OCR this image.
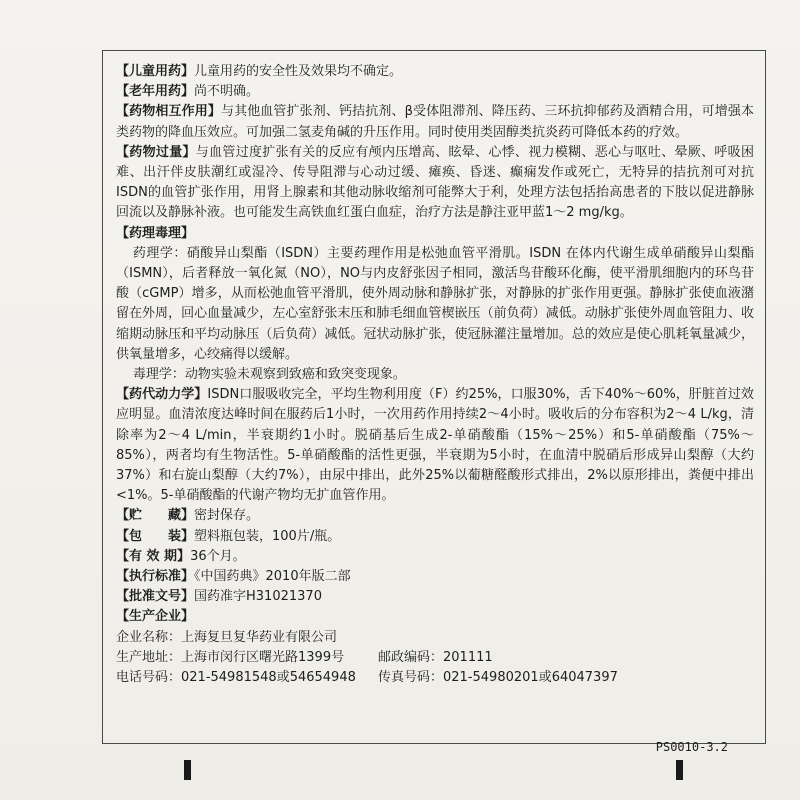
【儿童用药】儿童用药的安全性及效果均不确定。

【老年用药】尚不明确。

【药物相互作用】与其他血管扩张剂、钙拮抗剂、β受体阻滞剂、降压药、三环抗抑郁药及酒精合用，可增强本类药物的降血压效应。可加强二氢麦角碱的升压作用。同时使用类固醇类抗炎药可降低本药的疗效。

【药物过量】与血管过度扩张有关的反应有颅内压增高、眩晕、心悸、视力模糊、恶心与呕吐、晕厥、呼吸困难、出汗伴皮肤潮红或湿冷、传导阻滞与心动过缓、瘫痪、昏迷、癫痫发作或死亡，无特异的拮抗剂可对抗ISDN的血管扩张作用，用肾上腺素和其他动脉收缩剂可能弊大于利，处理方法包括抬高患者的下肢以促进静脉回流以及静脉补液。也可能发生高铁血红蛋白血症，治疗方法是静注亚甲蓝1～2 mg/kg。

【药理毒理】

药理学：硝酸异山梨酯（ISDN）主要药理作用是松弛血管平滑肌。ISDN 在体内代谢生成单硝酸异山梨酯（ISMN），后者释放一氧化氮（NO），NO与内皮舒张因子相同，激活鸟苷酸环化酶，使平滑肌细胞内的环鸟苷酸（cGMP）增多，从而松弛血管平滑肌，使外周动脉和静脉扩张，对静脉的扩张作用更强。静脉扩张使血液潴留在外周，回心血量减少，左心室舒张末压和肺毛细血管楔嵌压（前负荷）减低。动脉扩张使外周血管阻力、收缩期动脉压和平均动脉压（后负荷）减低。冠状动脉扩张，使冠脉灌注量增加。总的效应是使心肌耗氧量减少，供氧量增多，心绞痛得以缓解。

毒理学：动物实验未观察到致癌和致突变现象。

【药代动力学】ISDN口服吸收完全，平均生物利用度（F）约25%，口服30%，舌下40%～60%，肝脏首过效应明显。血清浓度达峰时间在服药后1小时，一次用药作用持续2～4小时。吸收后的分布容积为2～4 L/kg，清除率为2～4 L/min，半衰期约1小时。脱硝基后生成2-单硝酸酯（15%～25%）和5-单硝酸酯（75%～85%），两者均有生物活性。5-单硝酸酯的活性更强，半衰期为5小时，在血清中脱硝后形成异山梨醇（大约37%）和右旋山梨醇（大约7%），由尿中排出，此外25%以葡糖醛酸形式排出，2%以原形排出，粪便中排出<1%。5-单硝酸酯的代谢产物均无扩血管作用。

【贮　　藏】密封保存。

【包　　装】塑料瓶包装，100片/瓶。

【有 效 期】36个月。

【执行标准】《中国药典》2010年版二部

【批准文号】国药准字H31021370

【生产企业】

企业名称：上海复旦复华药业有限公司

生产地址：上海市闵行区曙光路1399号	邮政编码：201111
电话号码：021-54981548或54654948	传真号码：021-54980201或64047397
PS0010-3.2
